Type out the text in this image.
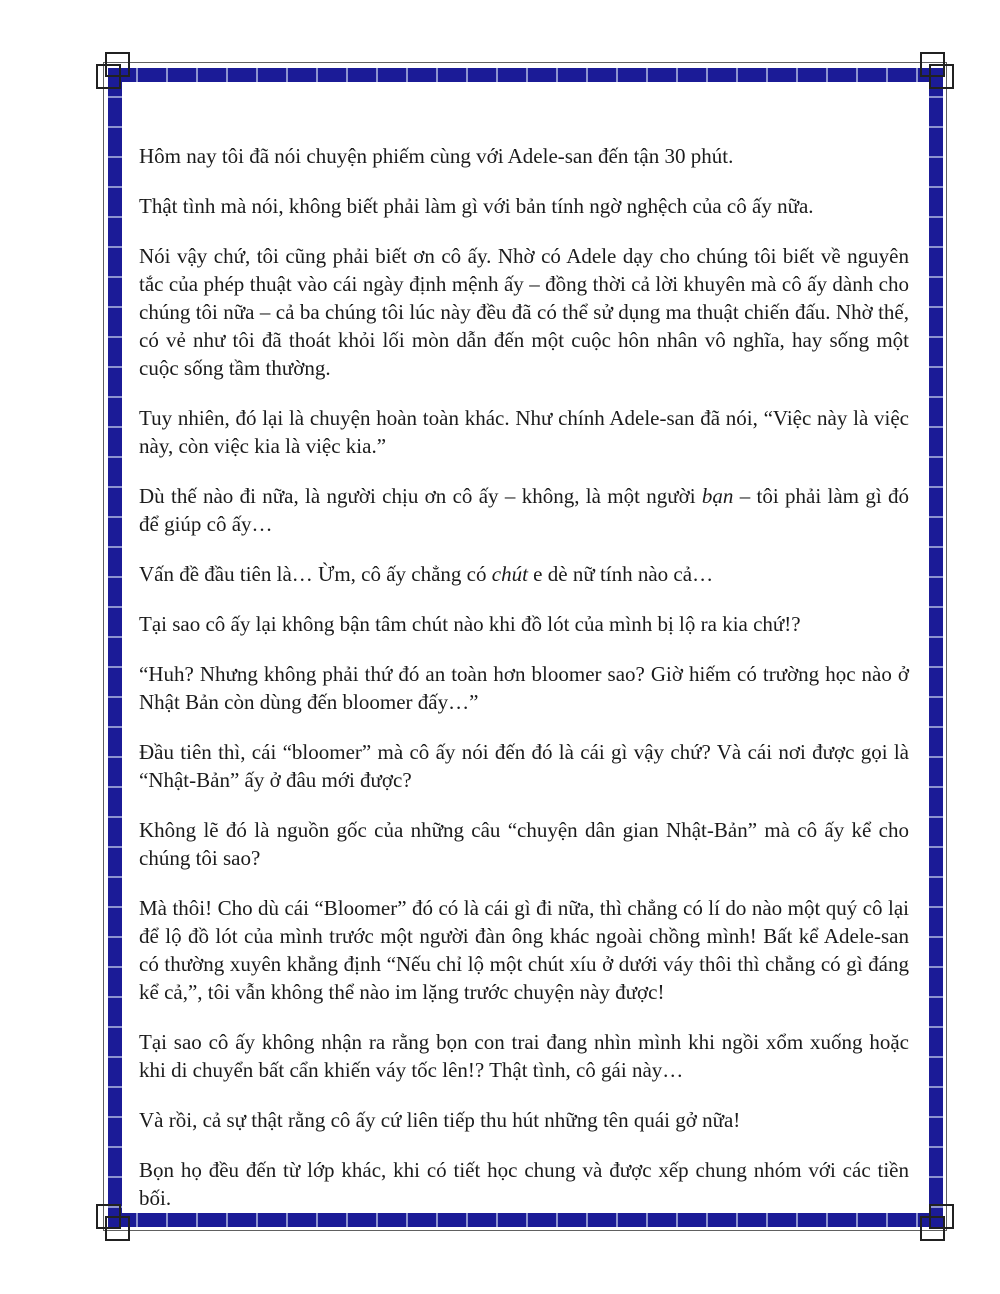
Hôm nay tôi đã nói chuyện phiếm cùng với Adele-san đến tận 30 phút.

Thật tình mà nói, không biết phải làm gì với bản tính ngờ nghệch của cô ấy nữa.

Nói vậy chứ, tôi cũng phải biết ơn cô ấy. Nhờ có Adele dạy cho chúng tôi biết về nguyên tắc của phép thuật vào cái ngày định mệnh ấy – đồng thời cả lời khuyên mà cô ấy dành cho chúng tôi nữa – cả ba chúng tôi lúc này đều đã có thể sử dụng ma thuật chiến đấu. Nhờ thế, có vẻ như tôi đã thoát khỏi lối mòn dẫn đến một cuộc hôn nhân vô nghĩa, hay sống một cuộc sống tầm thường.

Tuy nhiên, đó lại là chuyện hoàn toàn khác. Như chính Adele-san đã nói, “Việc này là việc này, còn việc kia là việc kia.”

Dù thế nào đi nữa, là người chịu ơn cô ấy – không, là một người bạn – tôi phải làm gì đó để giúp cô ấy…

Vấn đề đầu tiên là… Ừm, cô ấy chẳng có chút e dè nữ tính nào cả…

Tại sao cô ấy lại không bận tâm chút nào khi đồ lót của mình bị lộ ra kia chứ!?

“Huh? Nhưng không phải thứ đó an toàn hơn bloomer sao? Giờ hiếm có trường học nào ở Nhật Bản còn dùng đến bloomer đấy…”

Đầu tiên thì, cái “bloomer” mà cô ấy nói đến đó là cái gì vậy chứ? Và cái nơi được gọi là “Nhật-Bản” ấy ở đâu mới được?

Không lẽ đó là nguồn gốc của những câu “chuyện dân gian Nhật-Bản” mà cô ấy kể cho chúng tôi sao?

Mà thôi! Cho dù cái “Bloomer” đó có là cái gì đi nữa, thì chẳng có lí do nào một quý cô lại để lộ đồ lót của mình trước một người đàn ông khác ngoài chồng mình! Bất kể Adele-san có thường xuyên khẳng định “Nếu chỉ lộ một chút xíu ở dưới váy thôi thì chẳng có gì đáng kể cả,”, tôi vẫn không thể nào im lặng trước chuyện này được!

Tại sao cô ấy không nhận ra rằng bọn con trai đang nhìn mình khi ngồi xổm xuống hoặc khi di chuyển bất cẩn khiến váy tốc lên!? Thật tình, cô gái này…

Và rồi, cả sự thật rằng cô ấy cứ liên tiếp thu hút những tên quái gở nữa!

Bọn họ đều đến từ lớp khác, khi có tiết học chung và được xếp chung nhóm với các tiền bối.
